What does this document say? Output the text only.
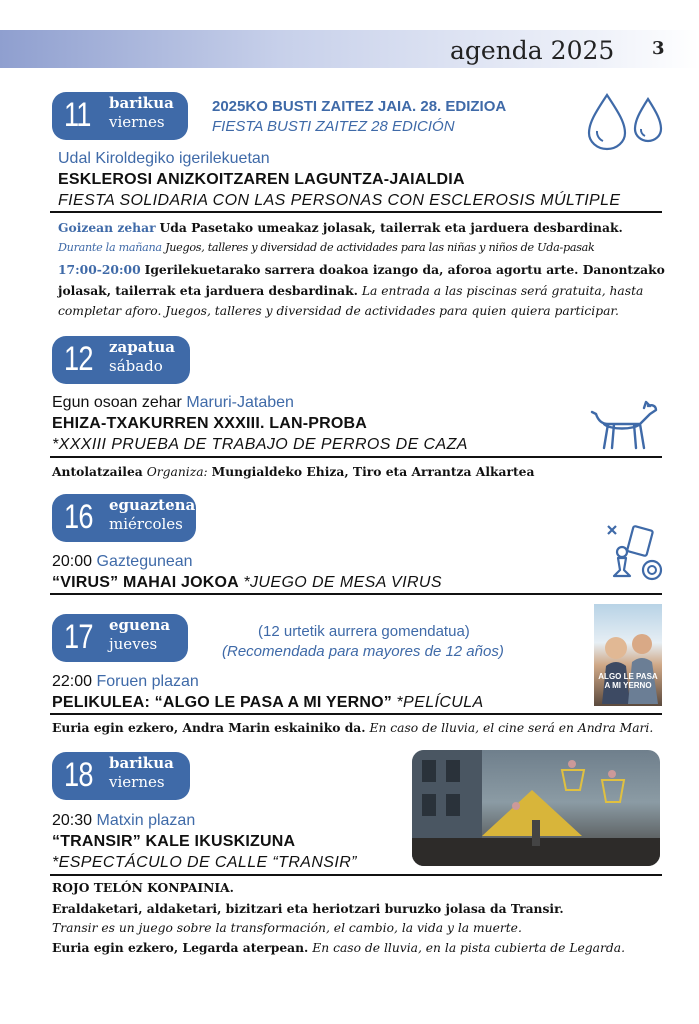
agenda 2025 3
11 barikua
viernes
2025KO BUSTI ZAITEZ JAIA. 28. EDIZIOA
FIESTA BUSTI ZAITEZ 28 EDICIÓN
Udal Kiroldegiko igerilekuetan
ESKLEROSI ANIZKOITZAREN LAGUNTZA-JAIALDIA
FIESTA SOLIDARIA CON LAS PERSONAS CON ESCLEROSIS MÚLTIPLE
Goizean zehar Uda Pasetako umeakaz jolasak, tailerrak eta jarduera desbardinak.
Durante la mañana Juegos, talleres y diversidad de actividades para las niñas y niños de Uda-pasak
17:00-20:00 Igerilekuetarako sarrera doakoa izango da, aforoa agortu arte. Danontzako
jolasak, tailerrak eta jarduera desbardinak. La entrada a las piscinas será gratuita, hasta
completar aforo. Juegos, talleres y diversidad de actividades para quien quiera participar.
12 zapatua
sábado
Egun osoan zehar Maruri-Jataben
EHIZA-TXAKURREN XXXIII. LAN-PROBA
*XXXIII PRUEBA DE TRABAJO DE PERROS DE CAZA
Antolatzailea Organiza: Mungialdeko Ehiza, Tiro eta Arrantza Alkartea
16 eguaztena
miércoles
20:00 Gaztegunean
“VIRUS” MAHAI JOKOA *JUEGO DE MESA VIRUS
17 eguena
jueves
(12 urtetik aurrera gomendatua)
(Recomendada para mayores de 12 años)
ALGO LE PASA A MI YERNO
22:00 Foruen plazan
PELIKULEA: “ALGO LE PASA A MI YERNO” *PELÍCULA
Euria egin ezkero, Andra Marin eskainiko da. En caso de lluvia, el cine será en Andra Mari.
18 barikua
viernes
20:30 Matxin plazan
“TRANSIR” KALE IKUSKIZUNA
*ESPECTÁCULO DE CALLE “TRANSIR”
ROJO TELÓN KONPAINIA.
Eraldaketari, aldaketari, bizitzari eta heriotzari buruzko jolasa da Transir.
Transir es un juego sobre la transformación, el cambio, la vida y la muerte.
Euria egin ezkero, Legarda aterpean. En caso de lluvia, en la pista cubierta de Legarda.
